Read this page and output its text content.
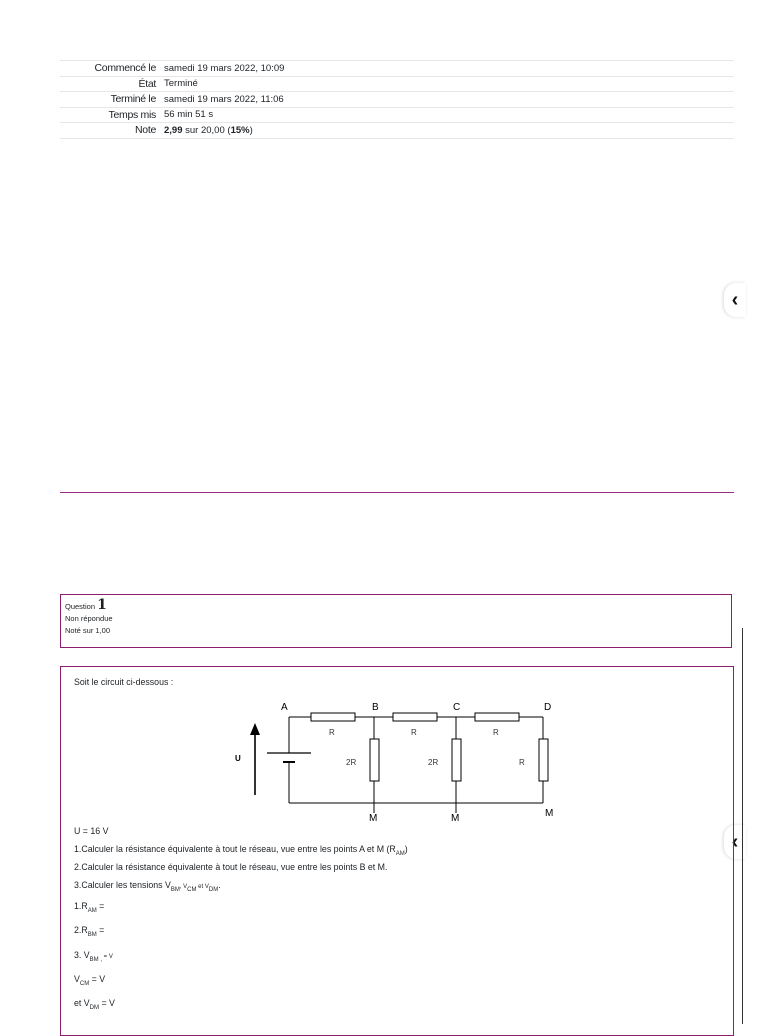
Commencé le samedi 19 mars 2022, 10:09
État Terminé
Terminé le samedi 19 mars 2022, 11:06
Temps mis 56 min 51 s
Note 2,99 sur 20,00 (15%)
‹
‹
Question 1
Non répondue
Noté sur 1,00
Soit le circuit ci-dessous :
A	B	C	D
R	R	R
2R	2R	R
U
M	M	M
U = 16 V
1.Calculer la résistance équivalente à tout le réseau, vue entre les points A et M $(R_{AM})$
2.Calculer la résistance équivalente à tout le réseau, vue entre les points B et M.
3.Calculer les tensions $V_{BM}$, $V_{CM}$ et $V_{DM}$.
$1.R_{AM}$ =
$2.R_{BM}$ =
3. $V_{BM ,} = V$
$V_{CM} = V$
et $V_{DM} = V$
